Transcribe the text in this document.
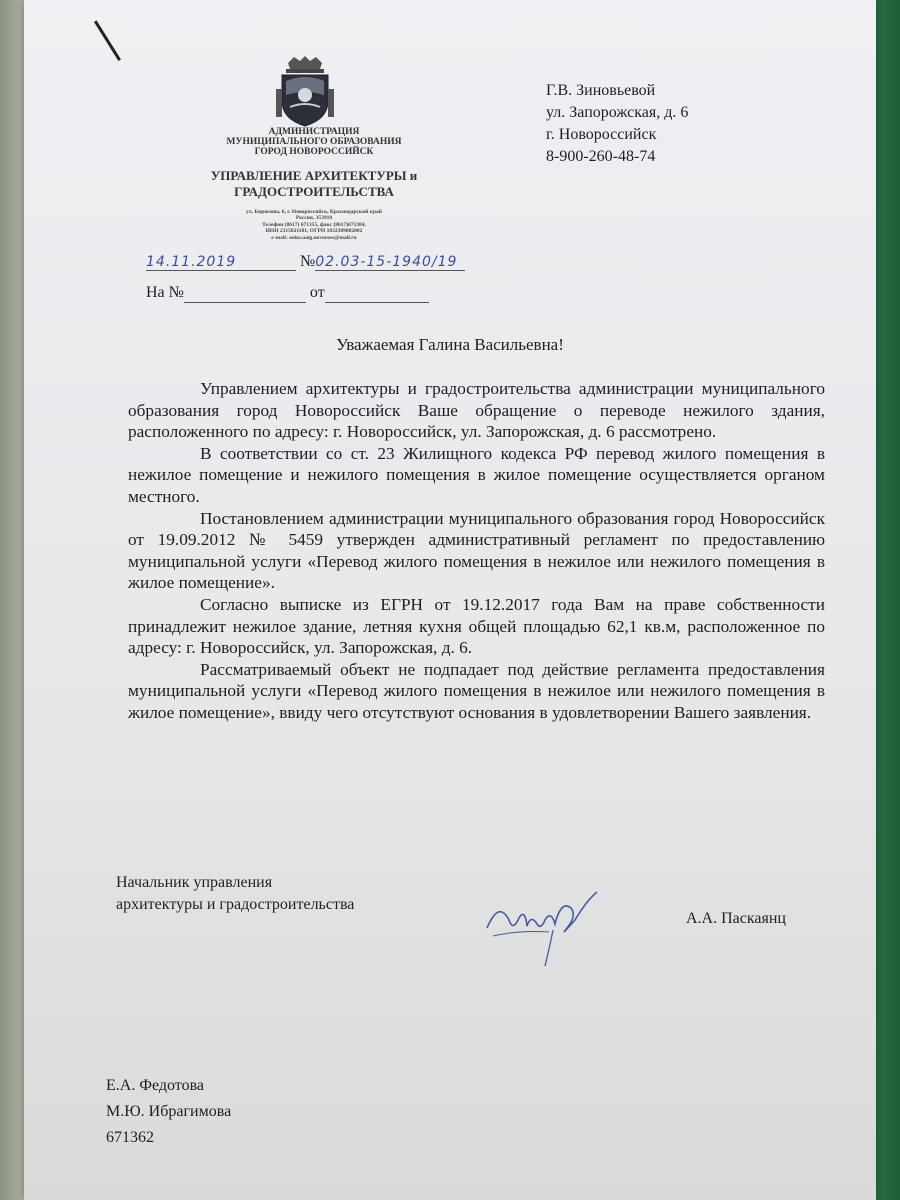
АДМИНИСТРАЦИЯ
МУНИЦИПАЛЬНОГО ОБРАЗОВАНИЯ
ГОРОД НОВОРОССИЙСК
УПРАВЛЕНИЕ АРХИТЕКТУРЫ и
ГРАДОСТРОИТЕЛЬСТВА
ул. Бирюзова, 6, г. Новороссийск, Краснодарский край
Россия, 353910
Телефон (8617) 671355, факс (8617)671384,
ИНН 2315021181, ОГРН 1032309082002
e-mail: onko.uaig.novoross@mail.ru
Г.В. Зиновьевой
ул. Запорожская, д. 6
г. Новороссийск
8-900-260-48-74
14.11.2019	№02.03-15-1940/19
На №	от
Уважаемая Галина Васильевна!

Управлением архитектуры и градостроительства администрации муниципального образования город Новороссийск Ваше обращение о переводе нежилого здания, расположенного по адресу: г. Новороссийск, ул. Запорожская, д. 6 рассмотрено.

В соответствии со ст. 23 Жилищного кодекса РФ перевод жилого помещения в нежилое помещение и нежилого помещения в жилое помещение осуществляется органом местного.

Постановлением администрации муниципального образования город Новороссийск от 19.09.2012 № 5459 утвержден административный регламент по предоставлению муниципальной услуги «Перевод жилого помещения в нежилое или нежилого помещения в жилое помещение».

Согласно выписке из ЕГРН от 19.12.2017 года Вам на праве собственности принадлежит нежилое здание, летняя кухня общей площадью 62,1 кв.м, расположенное по адресу: г. Новороссийск, ул. Запорожская, д. 6.

Рассматриваемый объект не подпадает под действие регламента предоставления муниципальной услуги «Перевод жилого помещения в нежилое или нежилого помещения в жилое помещение», ввиду чего отсутствуют основания в удовлетворении Вашего заявления.

Начальник управления
архитектуры и градостроительства
А.А. Паскаянц
Е.А. Федотова
М.Ю. Ибрагимова
671362
